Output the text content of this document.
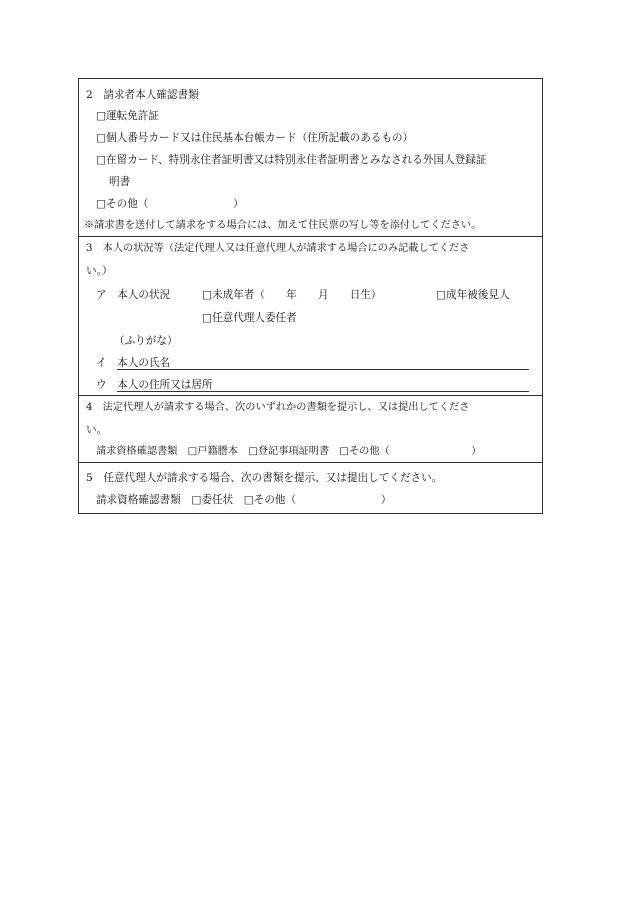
2　請求者本人確認書類
□運転免許証
□個人番号カード又は住民基本台帳カード（住所記載のあるもの）
□在留カード、特別永住者証明書又は特別永住者証明書とみなされる外国人登録証
明書
□その他（　　　　　　　　）
※請求書を送付して請求をする場合には、加えて住民票の写し等を添付してください。
3　本人の状況等（法定代理人又は任意代理人が請求する場合にのみ記載してくださ
い。）
ア　本人の状況	□未成年者（　　年　　月　　日生）	□成年被後見人
□任意代理人委任者
（ふりがな）
イ　本人の氏名
ウ　本人の住所又は居所
4　法定代理人が請求する場合、次のいずれかの書類を提示し、又は提出してくださ
い。
請求資格確認書類　□戸籍謄本　□登記事項証明書　□その他（　　　　　　　　）
5　任意代理人が請求する場合、次の書類を提示、又は提出してください。
請求資格確認書類　□委任状　□その他（　　　　　　　　）
